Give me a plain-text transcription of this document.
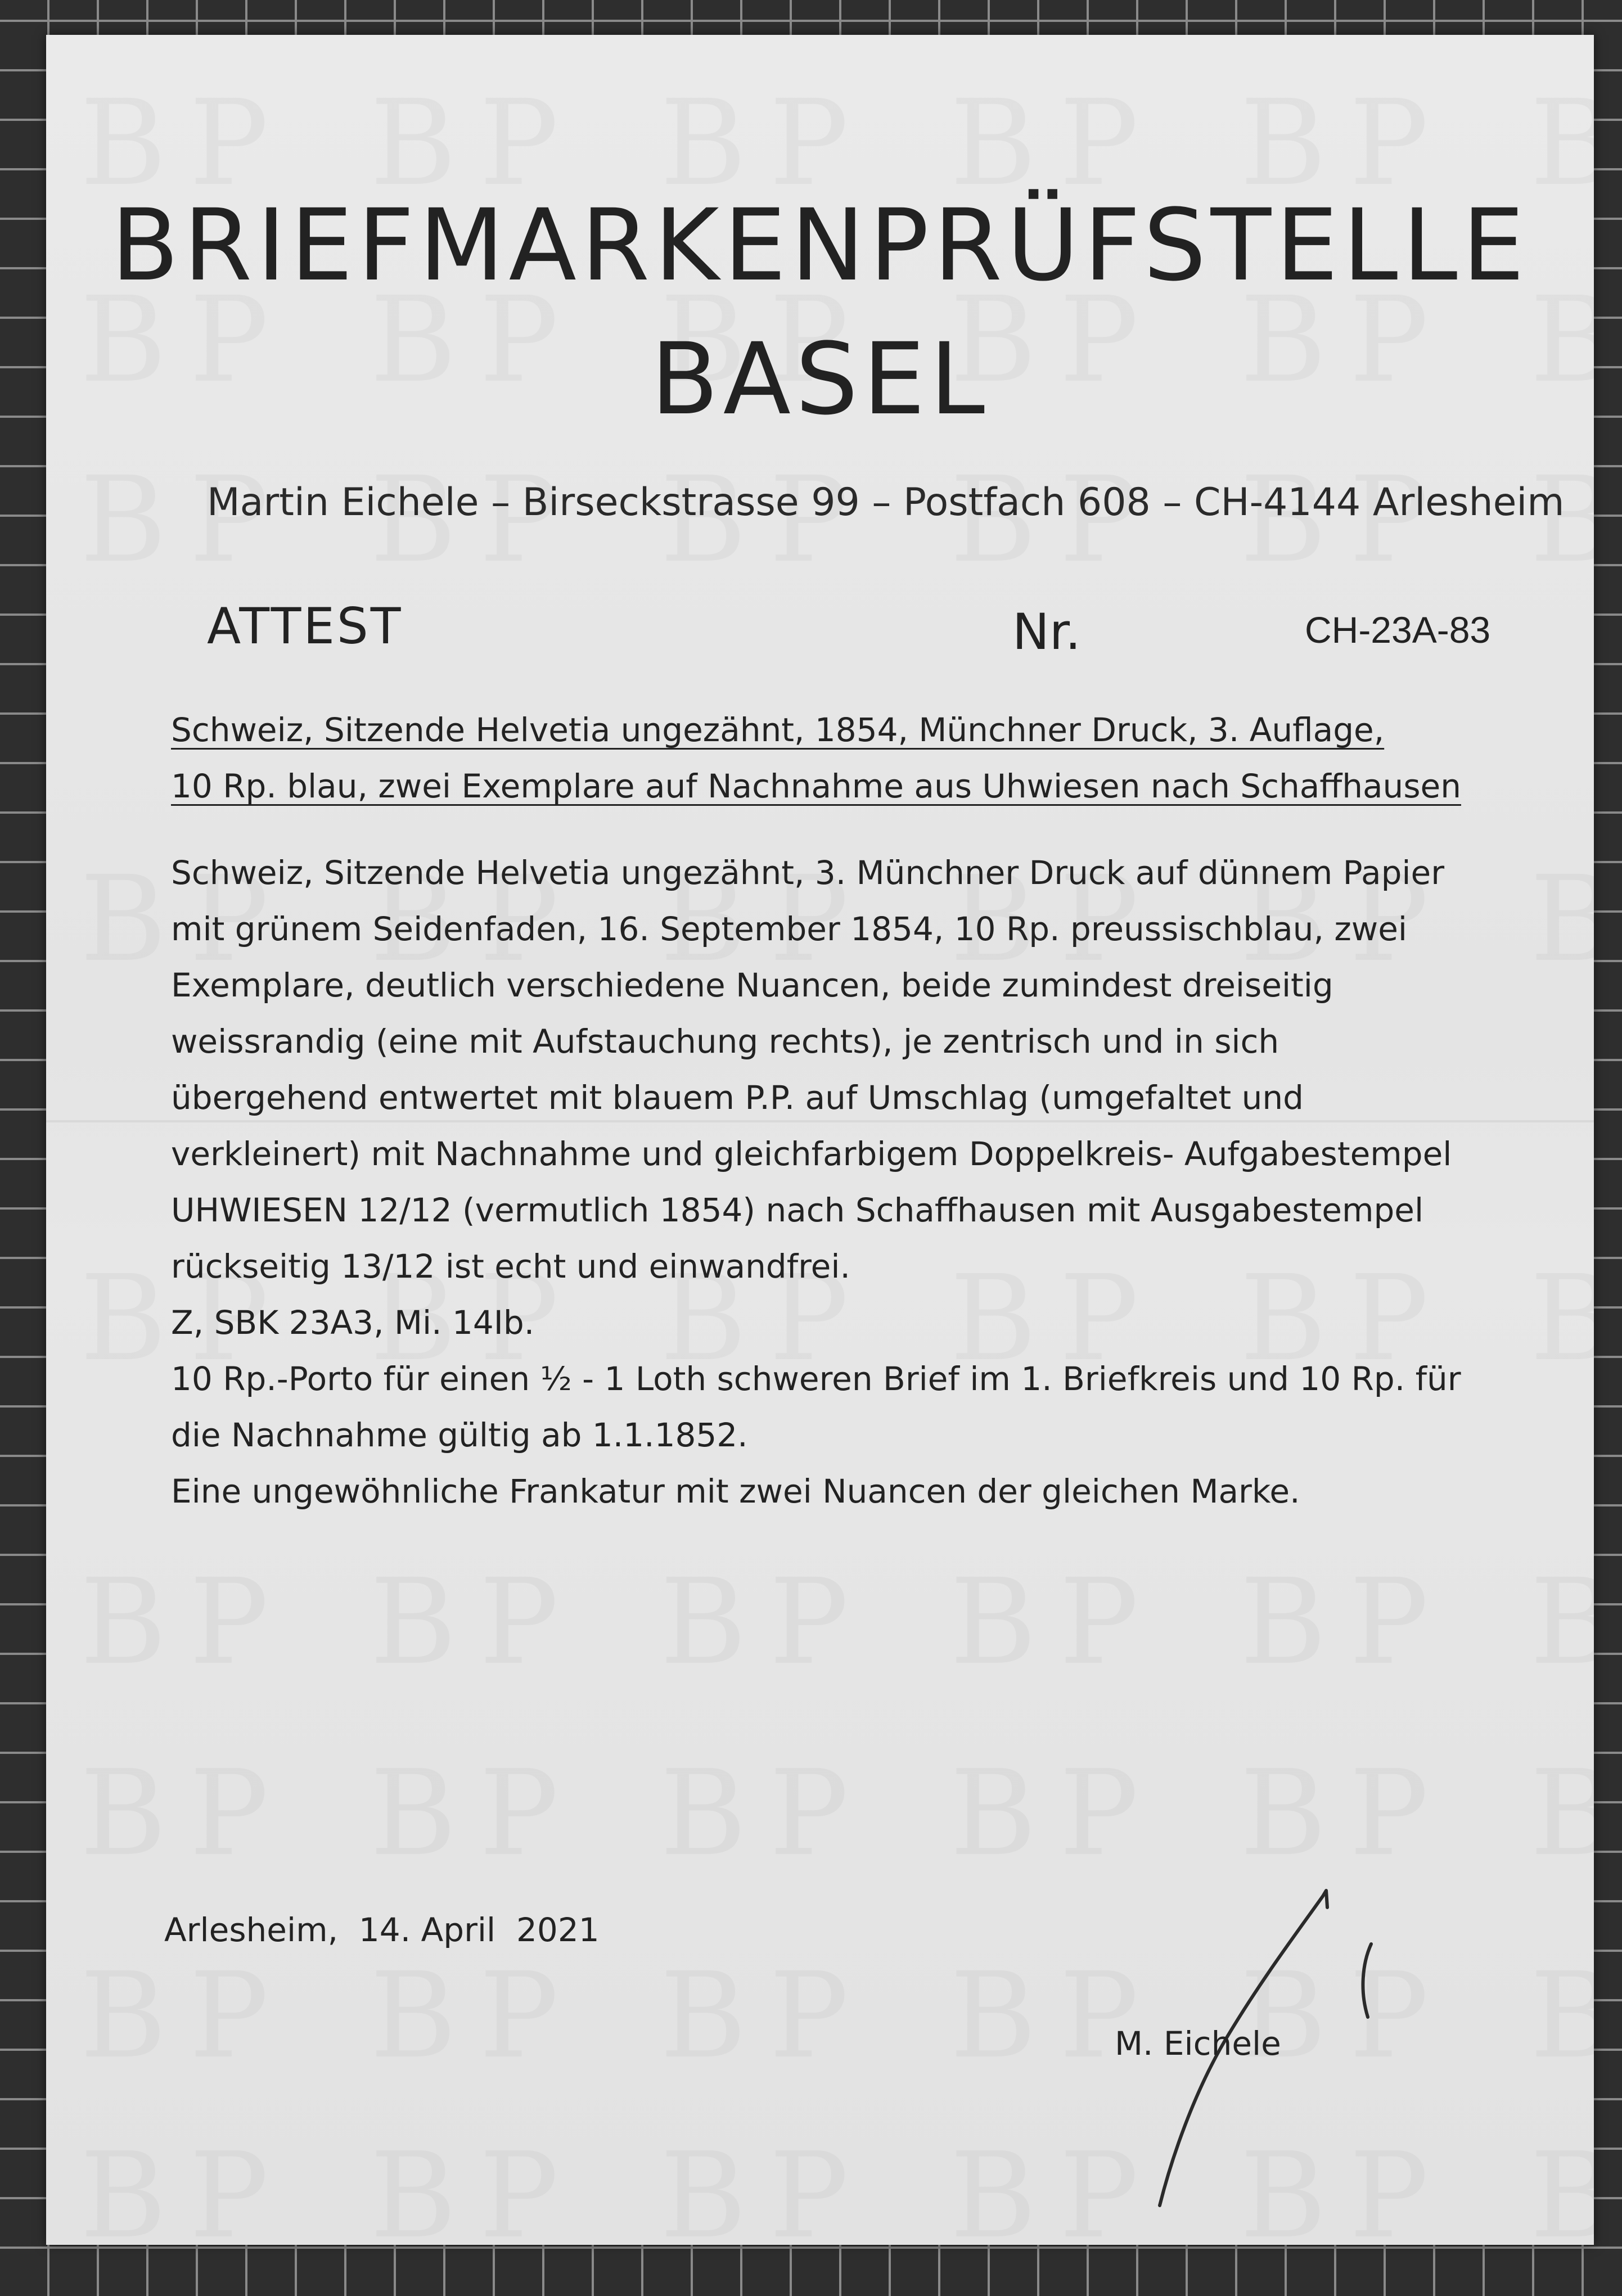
BRIEFMARKENPRÜFSTELLE
BASEL
Martin Eichele – Birseckstrasse 99 – Postfach 608 – CH-4144 Arlesheim
ATTEST	Nr.	CH-23A-83
Schweiz, Sitzende Helvetia ungezähnt, 1854, Münchner Druck, 3. Auflage,
10 Rp. blau, zwei Exemplare auf Nachnahme aus Uhwiesen nach Schaffhausen
Schweiz, Sitzende Helvetia ungezähnt, 3. Münchner Druck auf dünnem Papier
mit grünem Seidenfaden, 16. September 1854, 10 Rp. preussischblau, zwei
Exemplare, deutlich verschiedene Nuancen, beide zumindest dreiseitig
weissrandig (eine mit Aufstauchung rechts), je zentrisch und in sich
übergehend entwertet mit blauem P.P. auf Umschlag (umgefaltet und
verkleinert) mit Nachnahme und gleichfarbigem Doppelkreis- Aufgabestempel
UHWIESEN 12/12 (vermutlich 1854) nach Schaffhausen mit Ausgabestempel
rückseitig 13/12 ist echt und einwandfrei.
Z, SBK 23A3, Mi. 14Ib.
10 Rp.-Porto für einen ½ - 1 Loth schweren Brief im 1. Briefkreis und 10 Rp. für
die Nachnahme gültig ab 1.1.1852.
Eine ungewöhnliche Frankatur mit zwei Nuancen der gleichen Marke.
Arlesheim,  14. April  2021
M. Eichele
